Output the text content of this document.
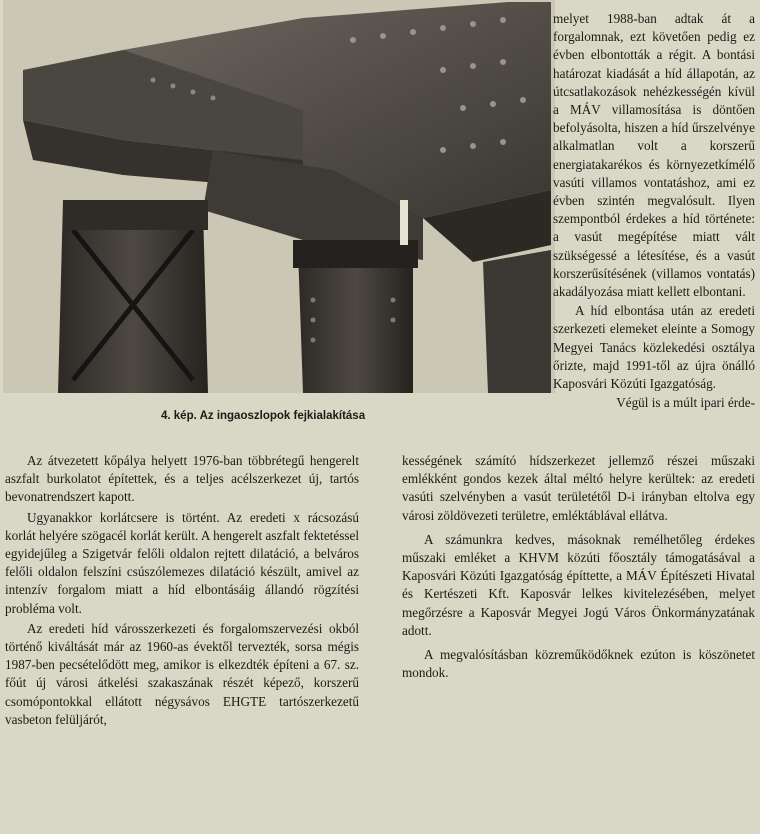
4. kép. Az ingaoszlopok fejkialakítása

melyet 1988-ban adtak át a forgalomnak, ezt követően pedig ez évben elbontották a régit. A bontási határozat kiadását a híd állapotán, az útcsatlakozások nehézkességén kívül a MÁV villamosítása is döntően befolyásolta, hiszen a híd űrszelvénye alkalmatlan volt a korszerű energiatakarékos és környezetkímélő vasúti villamos vontatáshoz, ami ez évben szintén megvalósult. Ilyen szempontból érdekes a híd története: a vasút megépítése miatt vált szükségessé a létesítése, és a vasút korszerűsítésének (villamos vontatás) akadályozása miatt kellett elbontani.

A híd elbontása után az eredeti szerkezeti elemeket eleinte a Somogy Megyei Tanács közlekedési osztálya őrizte, majd 1991-től az újra önálló Kaposvári Közúti Igazgatóság.

Végül is a múlt ipari érde-

Az átvezetett kőpálya helyett 1976-ban többrétegű hengerelt aszfalt burkolatot építettek, és a teljes acélszerkezet új, tartós bevonatrendszert kapott.

Ugyanakkor korlátcsere is történt. Az eredeti x rácsozású korlát helyére szögacél korlát került. A hengerelt aszfalt fektetéssel egyidejűleg a Szigetvár felőli oldalon rejtett dilatáció, a belváros felőli oldalon felszíni csúszólemezes dilatáció készült, amivel az intenzív forgalom miatt a híd elbontásáig állandó rögzítési probléma volt.

Az eredeti híd városszerkezeti és forgalomszervezési okból történő kiváltását már az 1960-as évektől tervezték, sorsa mégis 1987-ben pecsételődött meg, amikor is elkezdték építeni a 67. sz. főút új városi átkelési szakaszának részét képező, korszerű csomópontokkal ellátott négysávos EHGTE tartószerkezetű vasbeton felüljárót,

kességének számító hídszerkezet jellemző részei műszaki emlékként gondos kezek által méltó helyre kerültek: az eredeti vasúti szelvényben a vasút területétől D-i irányban eltolva egy városi zöldövezeti területre, emléktáblával ellátva.

A számunkra kedves, másoknak remélhetőleg érdekes műszaki emléket a KHVM közúti főosztály támogatásával a Kaposvári Közúti Igazgatóság építtette, a MÁV Építészeti Hivatal és Kertészeti Kft. Kaposvár lelkes kivitelezésében, melyet megőrzésre a Kaposvár Megyei Jogú Város Önkormányzatának adott.

A megvalósításban közreműködőknek ezúton is köszönetet mondok.
